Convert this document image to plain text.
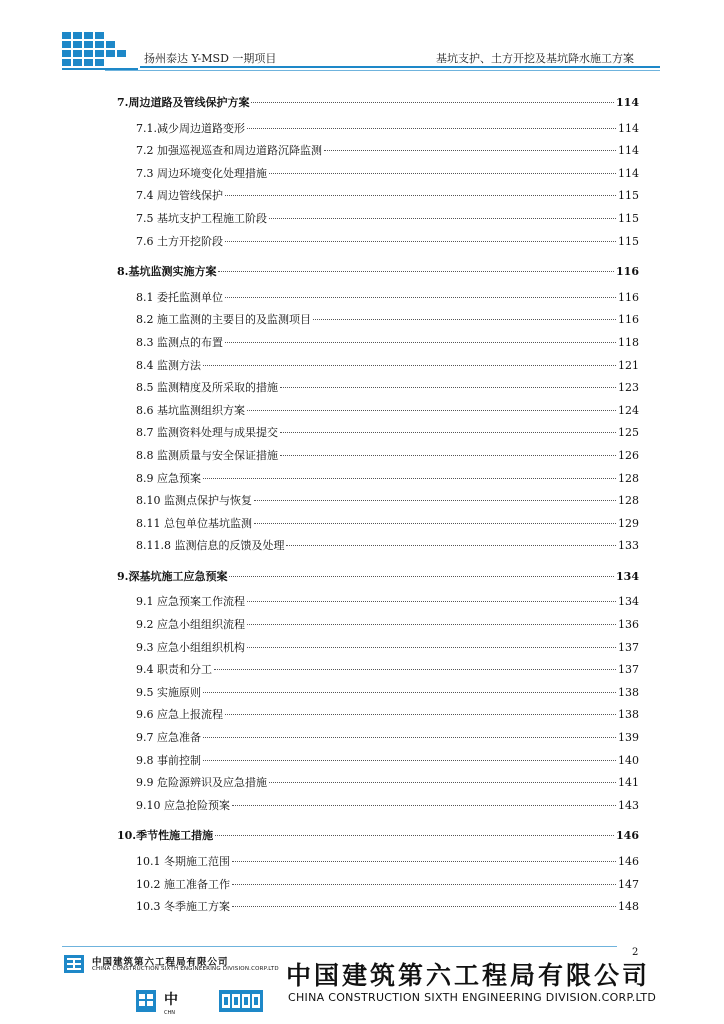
扬州泰达 Y-MSD 一期项目	基坑支护、土方开挖及基坑降水施工方案
7.周边道路及管线保护方案	114
7.1.减少周边道路变形	114
7.2 加强巡视巡查和周边道路沉降监测	114
7.3 周边环境变化处理措施	114
7.4 周边管线保护	115
7.5 基坑支护工程施工阶段	115
7.6 土方开挖阶段	115
8.基坑监测实施方案	116
8.1 委托监测单位	116
8.2 施工监测的主要目的及监测项目	116
8.3 监测点的布置	118
8.4 监测方法	121
8.5 监测精度及所采取的措施	123
8.6 基坑监测组织方案	124
8.7 监测资料处理与成果提交	125
8.8 监测质量与安全保证措施	126
8.9 应急预案	128
8.10 监测点保护与恢复	128
8.11 总包单位基坑监测	129
8.11.8 监测信息的反馈及处理	133
9.深基坑施工应急预案	134
9.1 应急预案工作流程	134
9.2 应急小组组织流程	136
9.3 应急小组组织机构	137
9.4 职责和分工	137
9.5 实施原则	138
9.6 应急上报流程	138
9.7 应急准备	139
9.8 事前控制	140
9.9 危险源辨识及应急措施	141
9.10 应急抢险预案	143
10.季节性施工措施	146
10.1 冬期施工范围	146
10.2 施工准备工作	147
10.3 冬季施工方案	148
2
中国建筑第六工程局有限公司
CHINA CONSTRUCTION SIXTH ENGINEERING DIVISION.CORP.LTD 中国建筑第六工程局有限公司
CHINA CONSTRUCTION SIXTH ENGINEERING DIVISION.CORP.LTD
中
CHN
